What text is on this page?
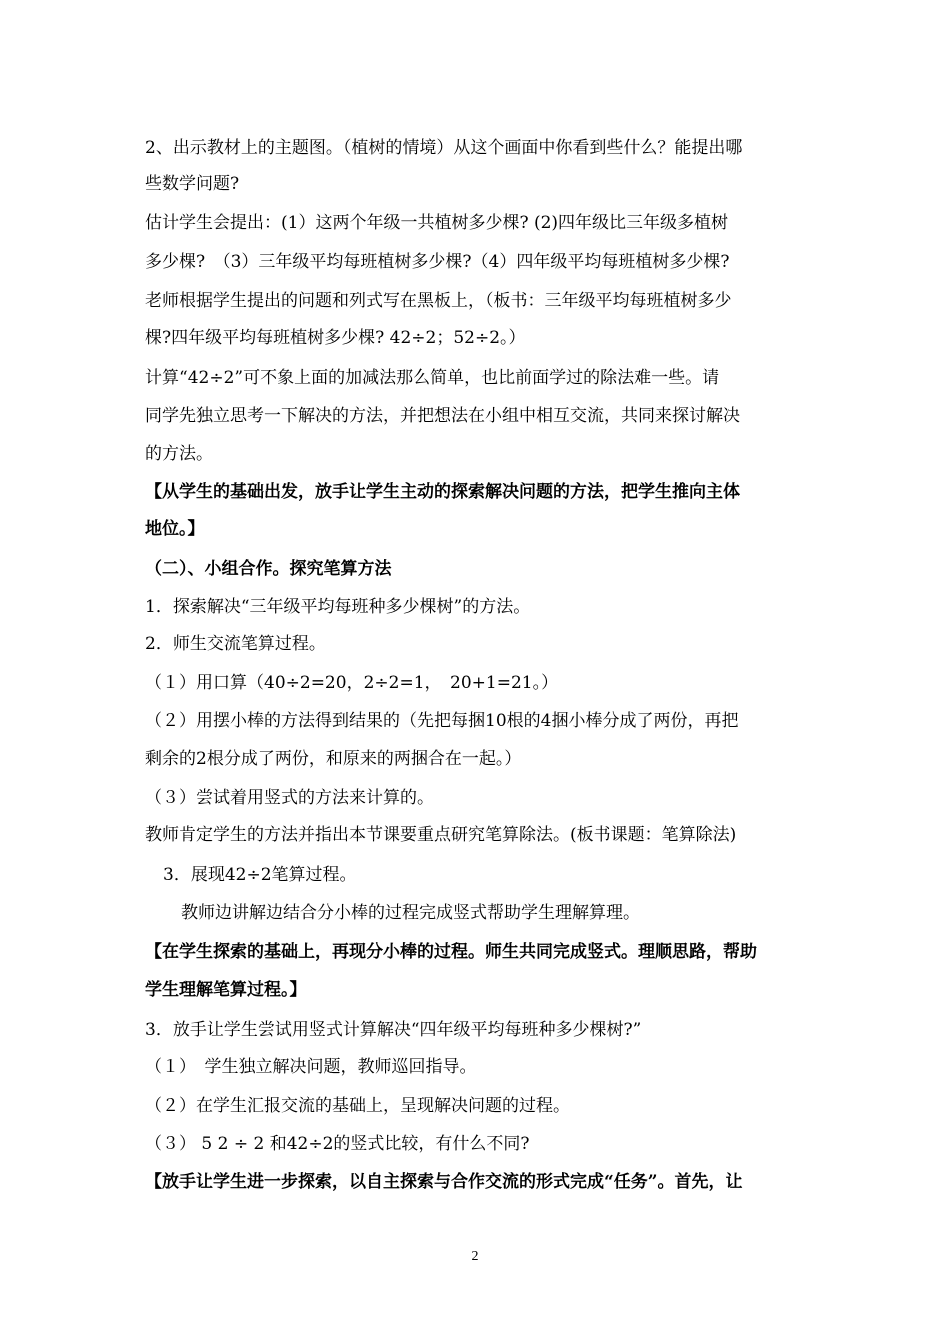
2、出示教材上的主题图。（植树的情境）从这个画面中你看到些什么？能提出哪
些数学问题?
估计学生会提出：(1）这两个年级一共植树多少棵? (2)四年级比三年级多植树
多少棵?　（3）三年级平均每班植树多少棵?（4）四年级平均每班植树多少棵?
老师根据学生提出的问题和列式写在黑板上，（板书：三年级平均每班植树多少
棵?四年级平均每班植树多少棵? 42÷2；52÷2。）
计算“42÷2”可不象上面的加减法那么简单，也比前面学过的除法难一些。请
同学先独立思考一下解决的方法，并把想法在小组中相互交流，共同来探讨解决
的方法。
【从学生的基础出发，放手让学生主动的探索解决问题的方法，把学生推向主体
地位。】
（二）、小组合作。探究笔算方法
1．探索解决“三年级平均每班种多少棵树”的方法。
2．师生交流笔算过程。
（１）用口算（40÷2=20，2÷2=1，　20+1=21。）
（２）用摆小棒的方法得到结果的（先把每捆10根的4捆小棒分成了两份，再把
剩余的2根分成了两份，和原来的两捆合在一起。）
（３）尝试着用竖式的方法来计算的。
教师肯定学生的方法并指出本节课要重点研究笔算除法。(板书课题：笔算除法)
3．展现42÷2笔算过程。
教师边讲解边结合分小棒的过程完成竖式帮助学生理解算理。
【在学生探索的基础上，再现分小棒的过程。师生共同完成竖式。理顺思路，帮助
学生理解笔算过程。】
3．放手让学生尝试用竖式计算解决“四年级平均每班种多少棵树?”
（１）　学生独立解决问题，教师巡回指导。
（２）在学生汇报交流的基础上，呈现解决问题的过程。
（３） 5 2 ÷ 2 和42÷2的竖式比较，有什么不同?
【放手让学生进一步探索，以自主探索与合作交流的形式完成“任务”。首先，让
2
